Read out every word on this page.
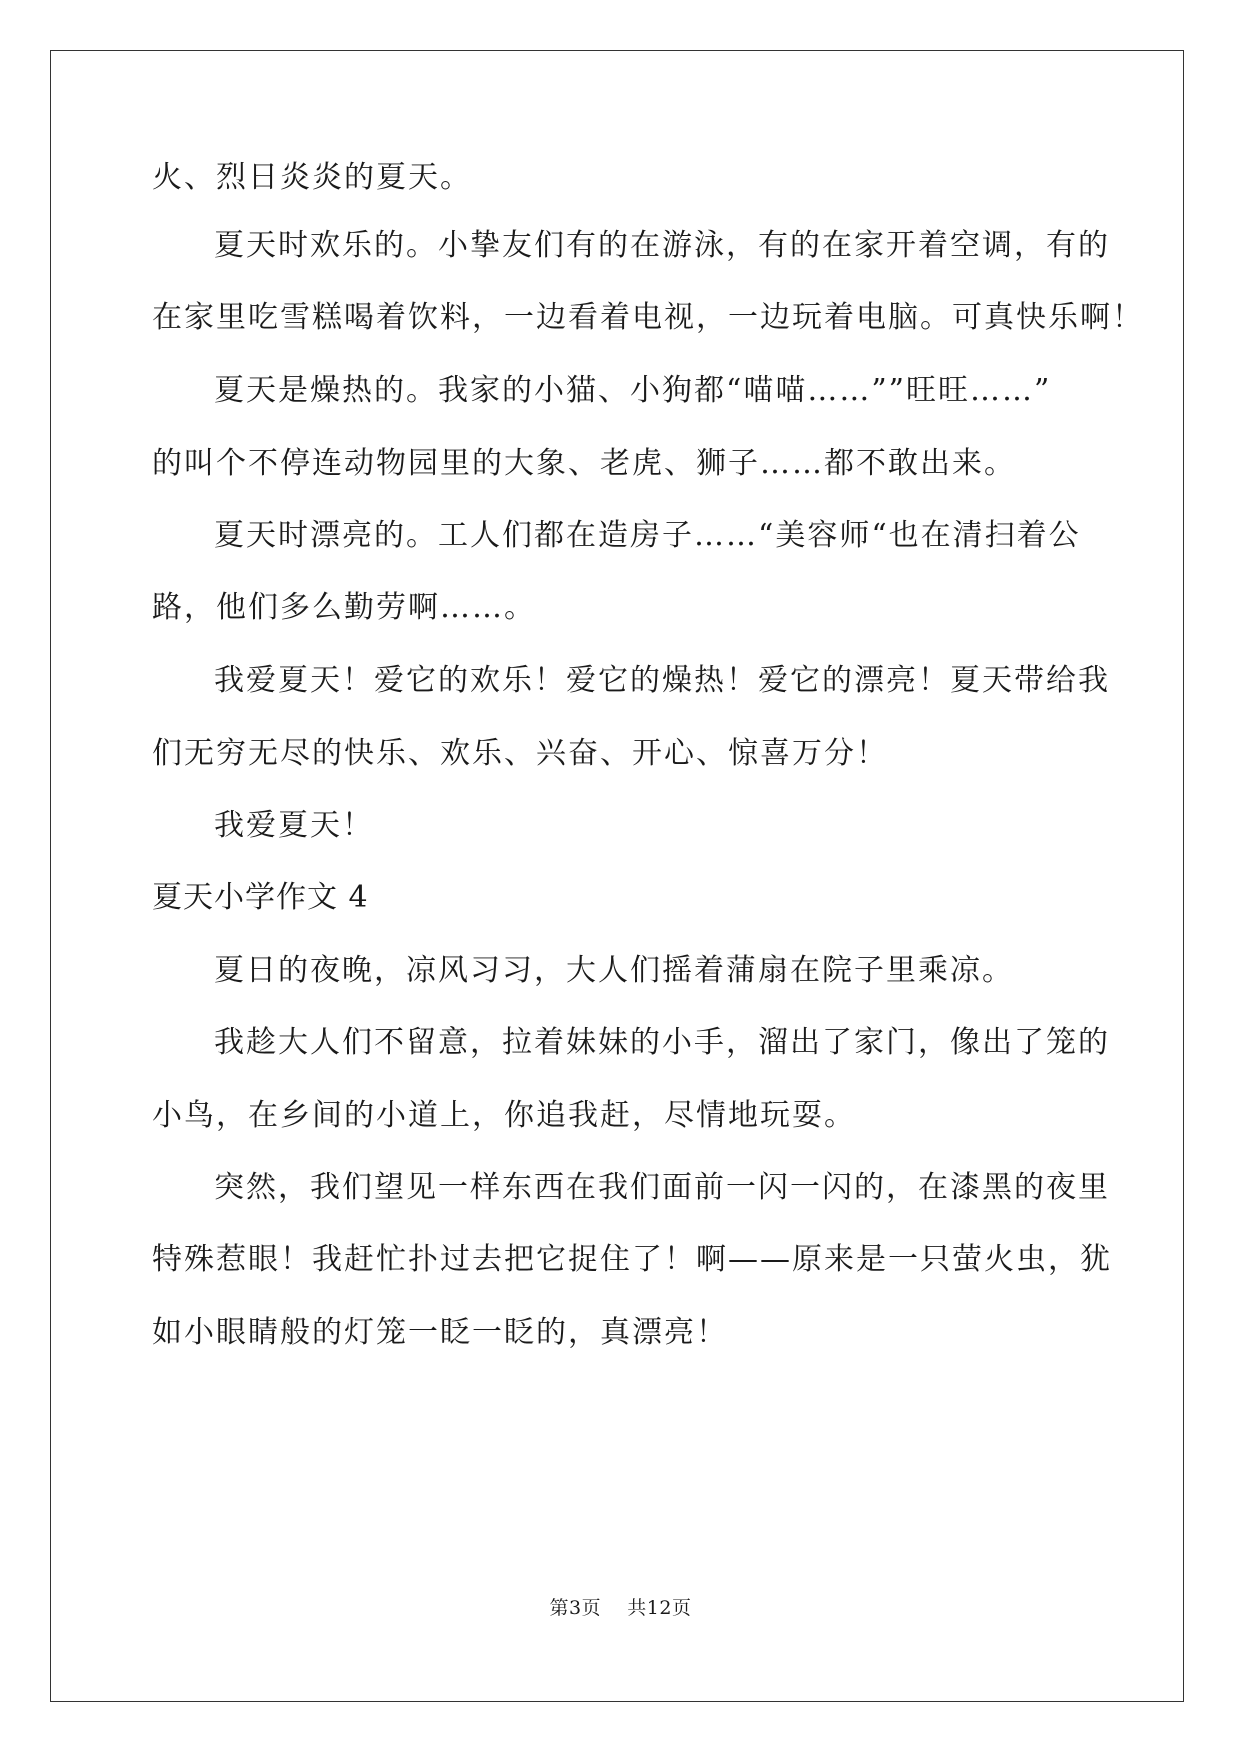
火、烈日炎炎的夏天。
夏天时欢乐的。小挚友们有的在游泳，有的在家开着空调，有的
在家里吃雪糕喝着饮料，一边看着电视，一边玩着电脑。可真快乐啊！
夏天是燥热的。我家的小猫、小狗都“喵喵……””旺旺……”
的叫个不停连动物园里的大象、老虎、狮子……都不敢出来。
夏天时漂亮的。工人们都在造房子……“美容师“也在清扫着公
路，他们多么勤劳啊……。
我爱夏天！爱它的欢乐！爱它的燥热！爱它的漂亮！夏天带给我
们无穷无尽的快乐、欢乐、兴奋、开心、惊喜万分！
我爱夏天！
夏天小学作文 4
夏日的夜晚，凉风习习，大人们摇着蒲扇在院子里乘凉。
我趁大人们不留意，拉着妹妹的小手，溜出了家门，像出了笼的
小鸟，在乡间的小道上，你追我赶，尽情地玩耍。
突然，我们望见一样东西在我们面前一闪一闪的，在漆黑的夜里
特殊惹眼！我赶忙扑过去把它捉住了！啊——原来是一只萤火虫，犹
如小眼睛般的灯笼一眨一眨的，真漂亮！
第3页 共12页
